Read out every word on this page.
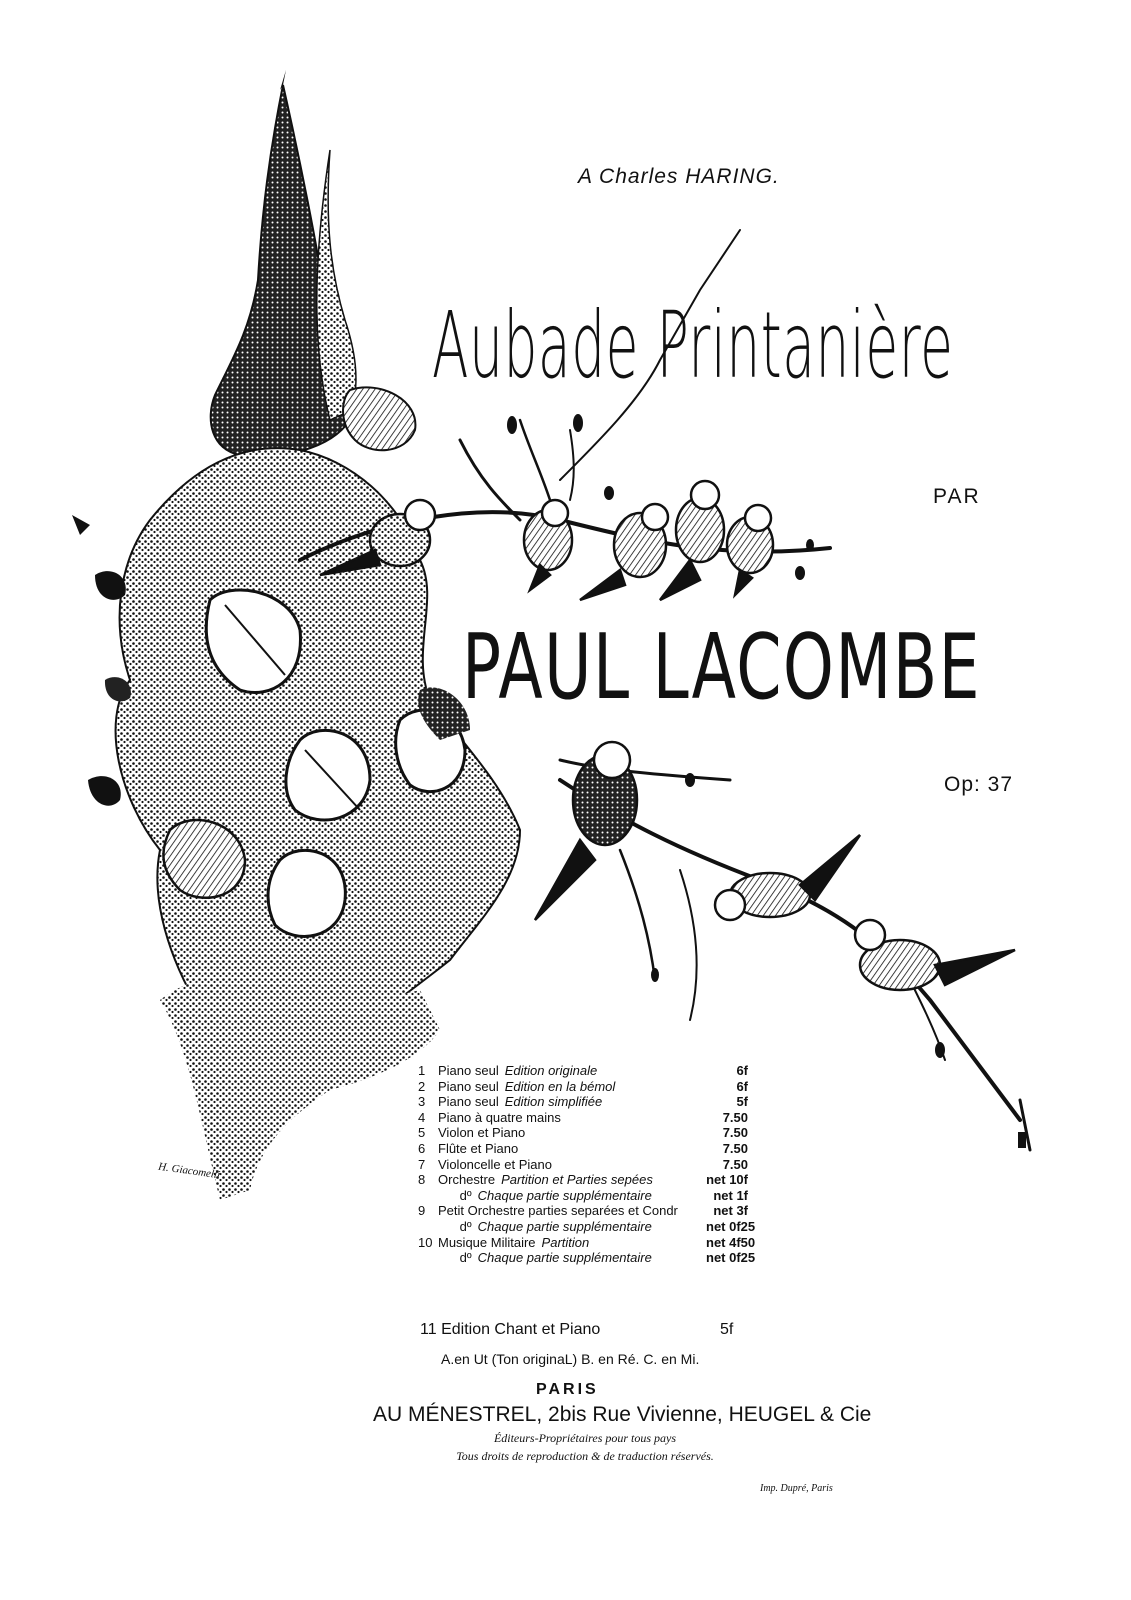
A Charles HARING.
Aubade Printanière
PAR
PAUL LACOMBE
Op: 37
1 Piano seul Edition originale	6f
2 Piano seul Edition en la bémol	6f
3 Piano seul Edition simplifiée	5f
4 Piano à quatre mains	7.50
5 Violon et Piano	7.50
6 Flûte et Piano	7.50
7 Violoncelle et Piano	7.50
8 Orchestre Partition et Parties sepées	net 10f
dº Chaque partie supplémentaire	net 1f
9 Petit Orchestre parties separées et Condr	net 3f
dº Chaque partie supplémentaire	net 0f25
10 Musique Militaire Partition	net 4f50
dº Chaque partie supplémentaire	net 0f25
11 Edition Chant et Piano	5f
A.en Ut (Ton originaL) B. en Ré. C. en Mi.
PARIS
AU MÉNESTREL, 2bis Rue Vivienne, HEUGEL & Cie
Éditeurs-Propriétaires pour tous pays
Tous droits de reproduction & de traduction réservés.
Imp. Dupré, Paris
H. Giacomelli
